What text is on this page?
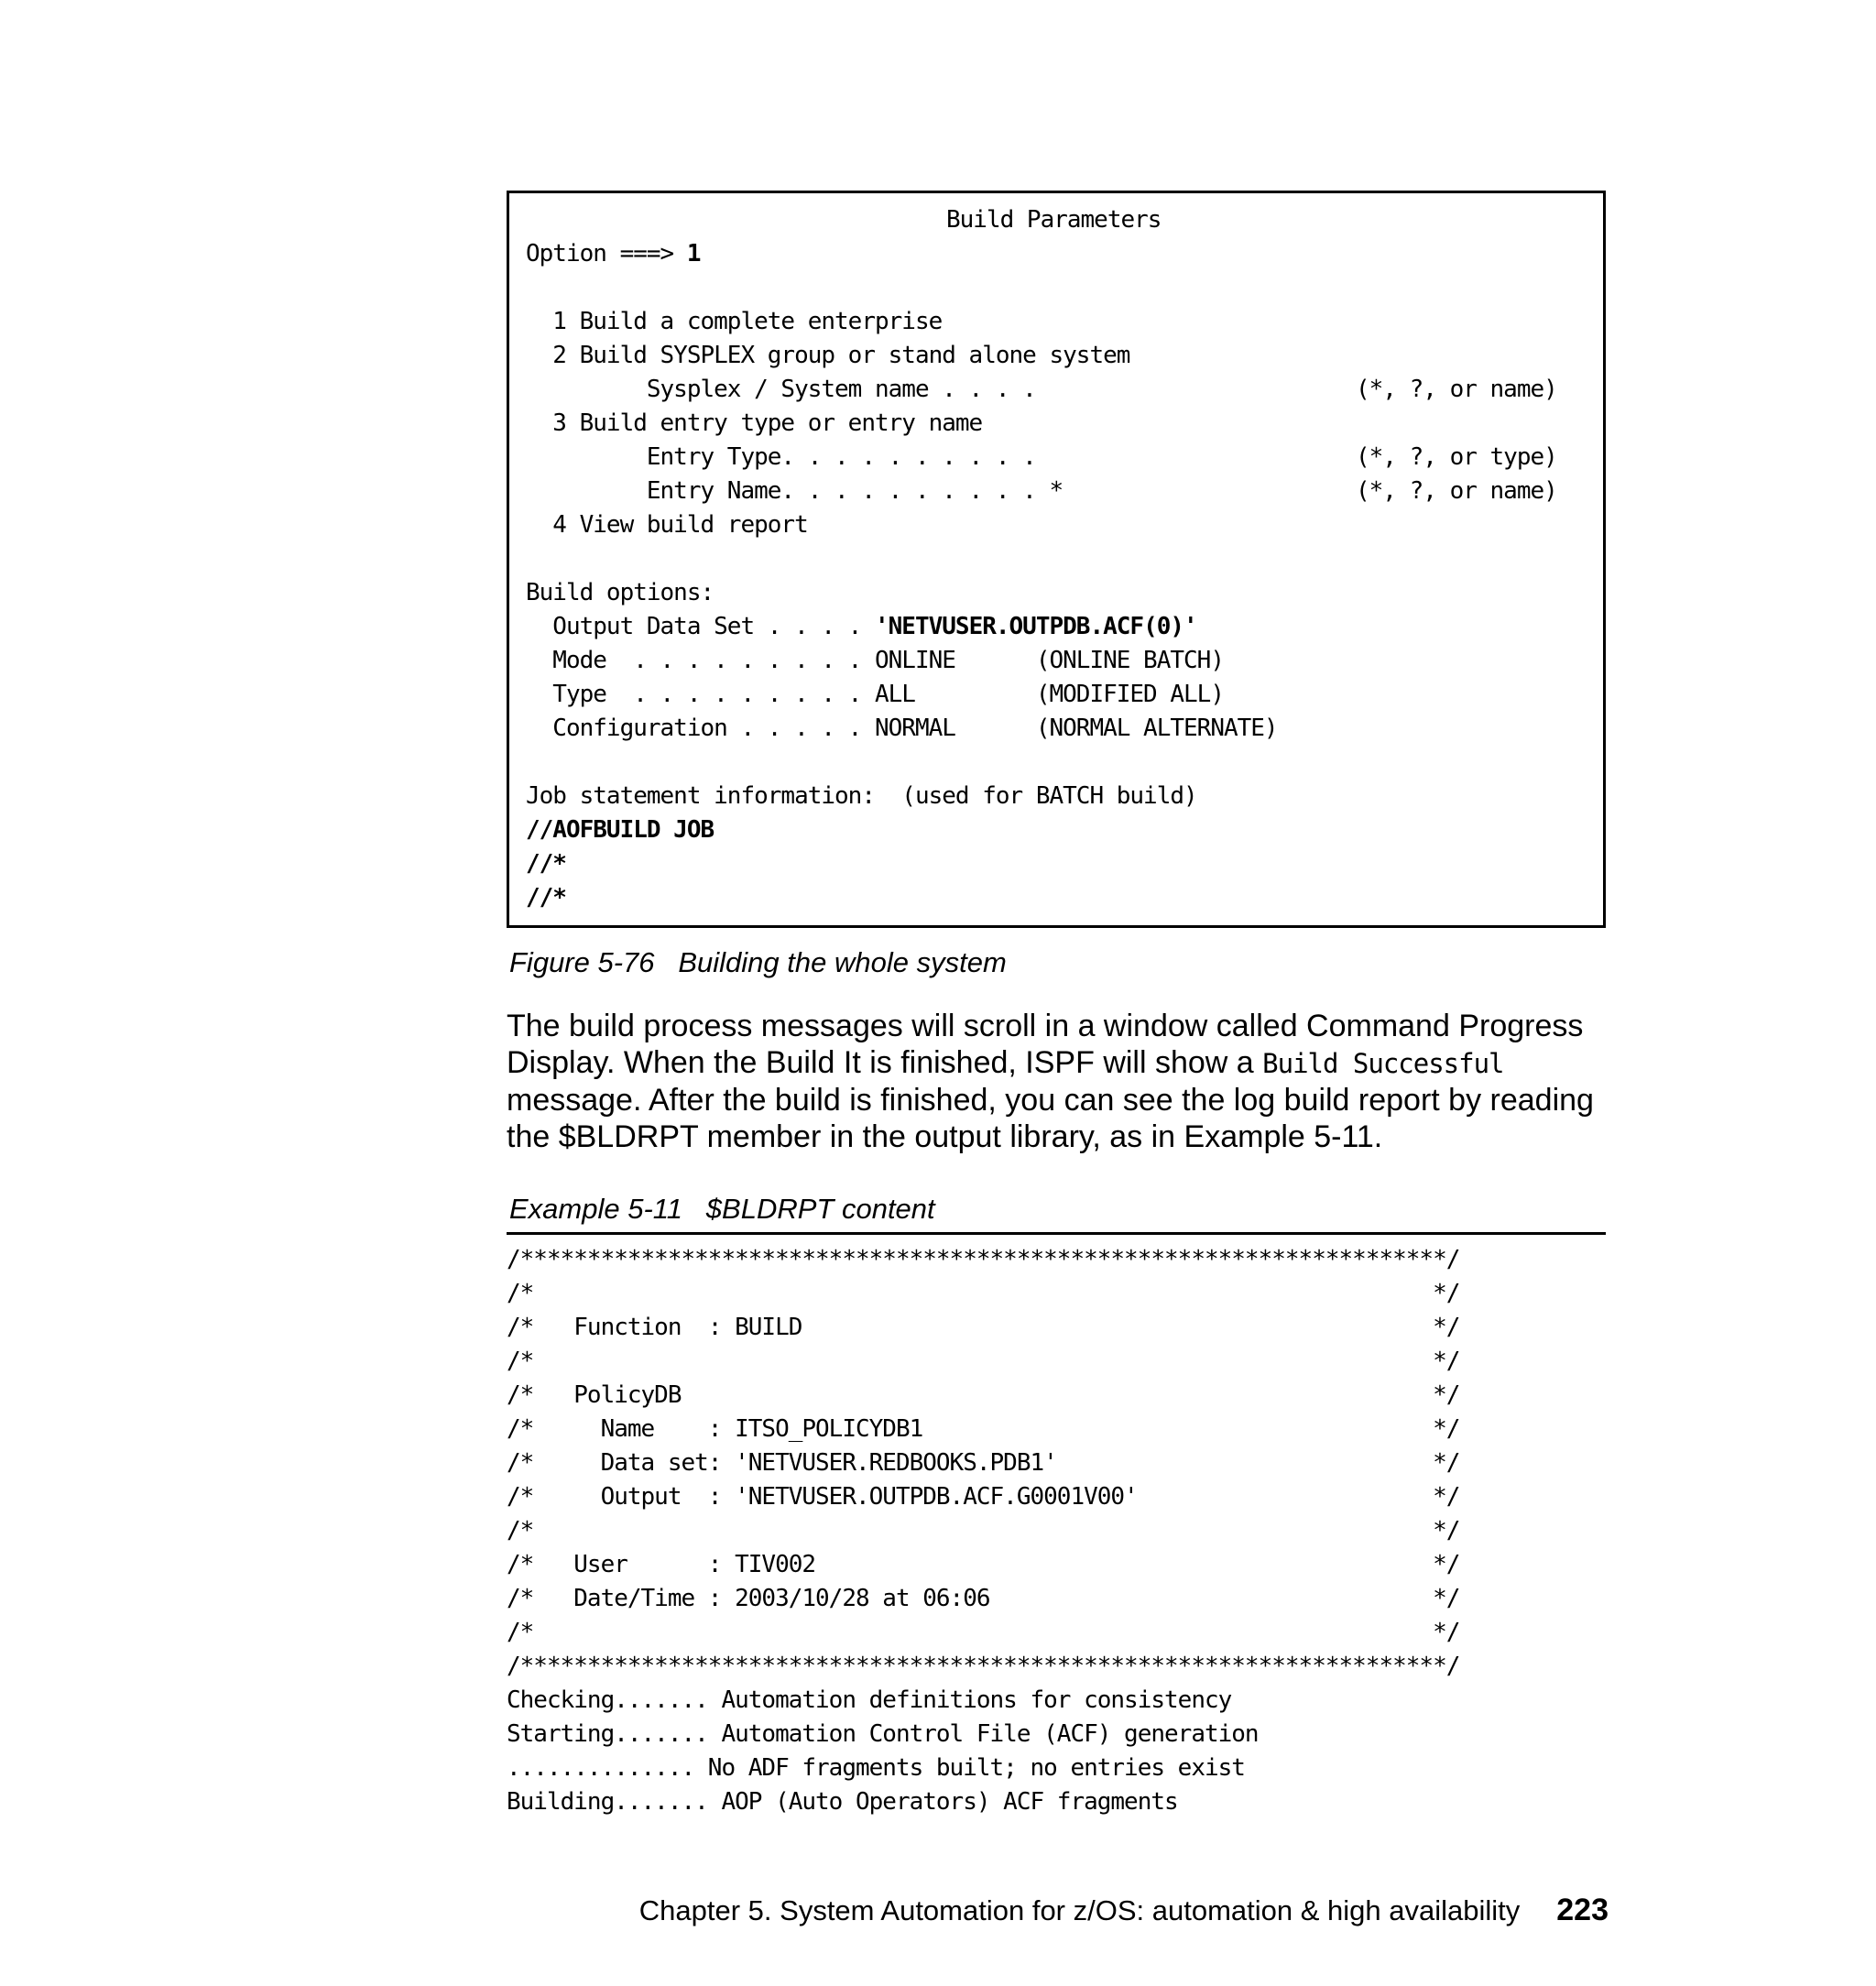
Build Parameters
Option ===> 1
1 Build a complete enterprise
2 Build SYSPLEX group or stand alone system
Sysplex / System name . . . .	(*, ?, or name)
3 Build entry type or entry name
Entry Type. . . . . . . . . .	(*, ?, or type)
Entry Name. . . . . . . . . . *	(*, ?, or name)
4 View build report
Build options:
Output Data Set . . . . 'NETVUSER.OUTPDB.ACF(0)'
Mode  . . . . . . . . . ONLINE      (ONLINE BATCH)
Type  . . . . . . . . . ALL         (MODIFIED ALL)
Configuration . . . . . NORMAL      (NORMAL ALTERNATE)
Job statement information:  (used for BATCH build)
//AOFBUILD JOB
//*
//*
Figure 5-76   Building the whole system
The build process messages will scroll in a window called Command Progress Display. When the Build It is finished, ISPF will show a Build Successful message. After the build is finished, you can see the log build report by reading the $BLDRPT member in the output library, as in Example 5-11.
Example 5-11   $BLDRPT content
/*********************************************************************/
/*                                                                   */
/*   Function  : BUILD                                               */
/*                                                                   */
/*   PolicyDB                                                        */
/*     Name    : ITSO_POLICYDB1                                      */
/*     Data set: 'NETVUSER.REDBOOKS.PDB1'                            */
/*     Output  : 'NETVUSER.OUTPDB.ACF.G0001V00'                      */
/*                                                                   */
/*   User      : TIV002                                              */
/*   Date/Time : 2003/10/28 at 06:06                                 */
/*                                                                   */
/*********************************************************************/
Checking....... Automation definitions for consistency
Starting....... Automation Control File (ACF) generation
.............. No ADF fragments built; no entries exist
Building....... AOP (Auto Operators) ACF fragments
Chapter 5. System Automation for z/OS: automation & high availability 223
